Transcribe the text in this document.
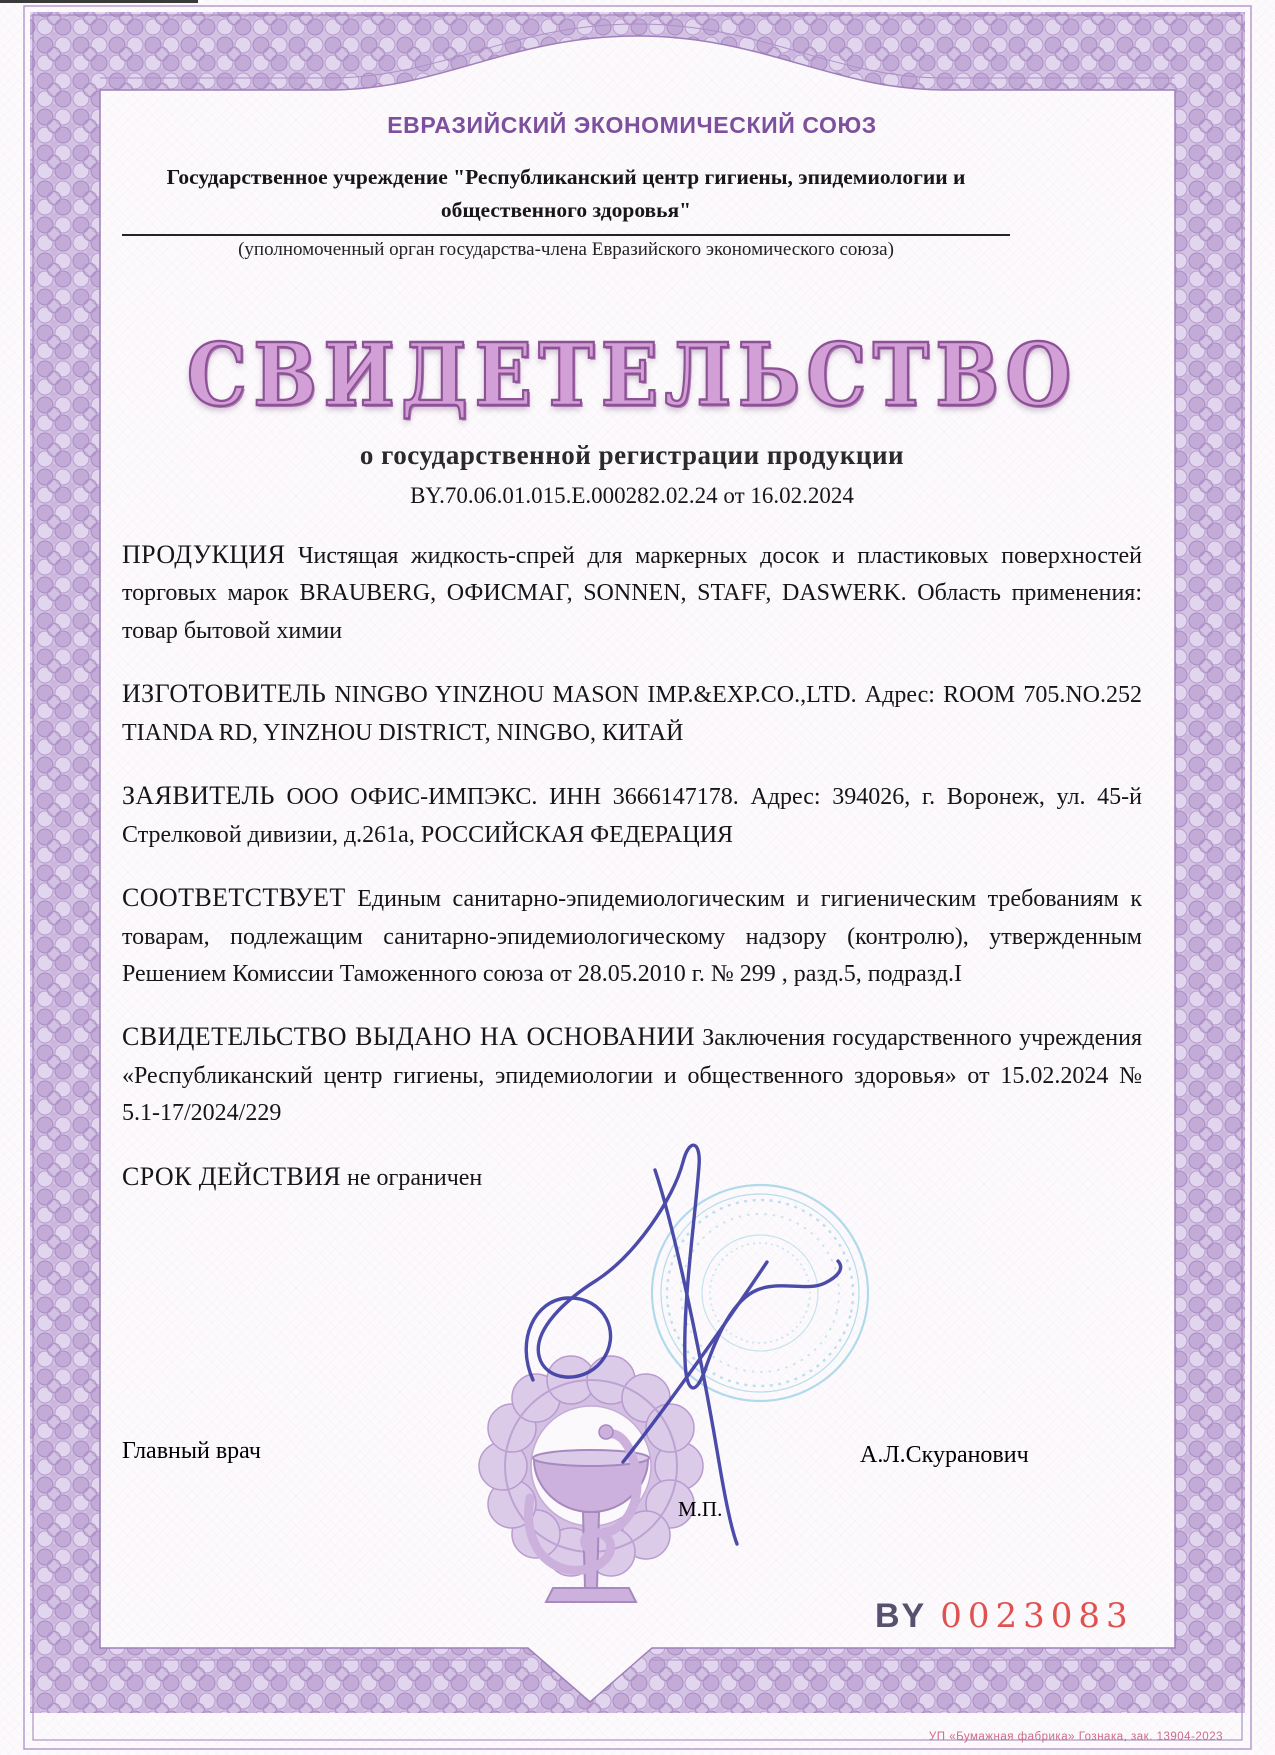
ЕВРАЗИЙСКИЙ ЭКОНОМИЧЕСКИЙ СОЮЗ
Государственное учреждение "Республиканский центр гигиены, эпидемиологии и общественного здоровья"
(уполномоченный орган государства-члена Евразийского экономического союза)
СВИДЕТЕЛЬСТВО
о государственной регистрации продукции
BY.70.06.01.015.Е.000282.02.24 от 16.02.2024

ПРОДУКЦИЯ Чистящая жидкость-спрей для маркерных досок и пластиковых поверхностей торговых марок BRAUBERG, ОФИСМАГ, SONNEN, STAFF, DASWERK. Область применения: товар бытовой химии

ИЗГОТОВИТЕЛЬ NINGBO YINZHOU MASON IMP.&EXP.CO.,LTD. Адрес: ROOM 705.NO.252 TIANDA RD, YINZHOU DISTRICT, NINGBO, КИТАЙ

ЗАЯВИТЕЛЬ ООО ОФИС-ИМПЭКС. ИНН 3666147178. Адрес: 394026, г. Воронеж, ул. 45-й Стрелковой дивизии, д.261а, РОССИЙСКАЯ ФЕДЕРАЦИЯ

СООТВЕТСТВУЕТ Единым санитарно-эпидемиологическим и гигиеническим требованиям к товарам, подлежащим санитарно-эпидемиологическому надзору (контролю), утвержденным Решением Комиссии Таможенного союза от 28.05.2010 г. № 299 , разд.5, подразд.I

СВИДЕТЕЛЬСТВО ВЫДАНО НА ОСНОВАНИИ Заключения государственного учреждения «Республиканский центр гигиены, эпидемиологии и общественного здоровья» от 15.02.2024 № 5.1-17/2024/229

СРОК ДЕЙСТВИЯ не ограничен

Главный врач	А.Л.Скуранович
М.П.
BY 0023083
УП «Бумажная фабрика» Гознака, зак. 13904-2023
